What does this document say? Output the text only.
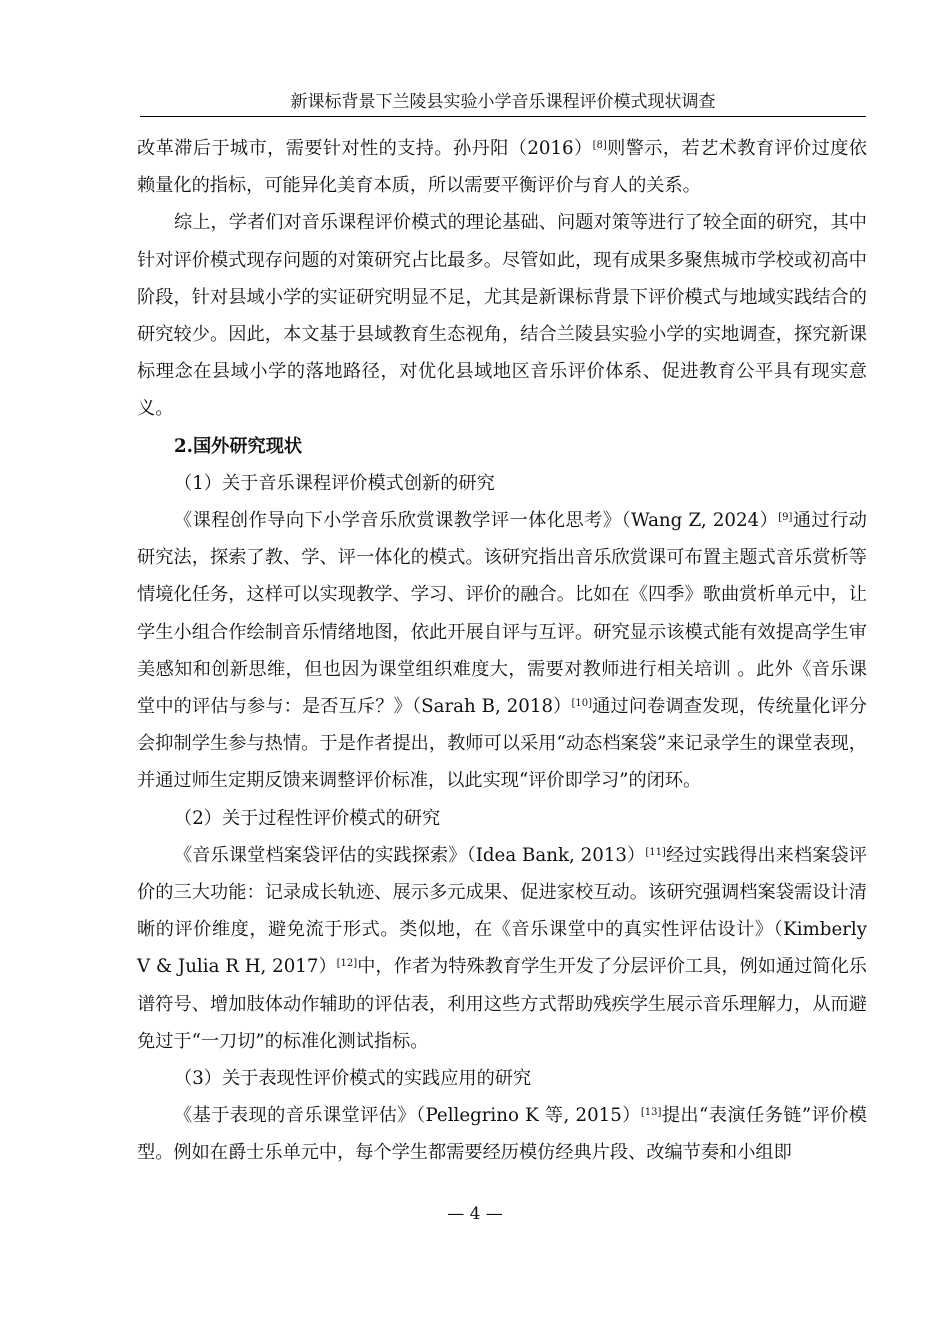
新课标背景下兰陵县实验小学音乐课程评价模式现状调查

改革滞后于城市，需要针对性的支持。孙丹阳（2016）[8]则警示，若艺术教育评价过度依赖量化的指标，可能异化美育本质，所以需要平衡评价与育人的关系。

综上，学者们对音乐课程评价模式的理论基础、问题对策等进行了较全面的研究，其中针对评价模式现存问题的对策研究占比最多。尽管如此，现有成果多聚焦城市学校或初高中阶段，针对县域小学的实证研究明显不足，尤其是新课标背景下评价模式与地域实践结合的研究较少。因此，本文基于县域教育生态视角，结合兰陵县实验小学的实地调查，探究新课标理念在县域小学的落地路径，对优化县域地区音乐评价体系、促进教育公平具有现实意义。

2.国外研究现状

（1）关于音乐课程评价模式创新的研究

《课程创作导向下小学音乐欣赏课教学评一体化思考》（Wang Z, 2024）[9]通过行动研究法，探索了教、学、评一体化的模式。该研究指出音乐欣赏课可布置主题式音乐赏析等情境化任务，这样可以实现教学、学习、评价的融合。比如在《四季》歌曲赏析单元中，让学生小组合作绘制音乐情绪地图，依此开展自评与互评。研究显示该模式能有效提高学生审美感知和创新思维，但也因为课堂组织难度大，需要对教师进行相关培训 。此外《音乐课堂中的评估与参与：是否互斥？》（Sarah B, 2018）[10]通过问卷调查发现，传统量化评分会抑制学生参与热情。于是作者提出，教师可以采用“动态档案袋”来记录学生的课堂表现，并通过师生定期反馈来调整评价标准，以此实现“评价即学习”的闭环。

（2）关于过程性评价模式的研究

《音乐课堂档案袋评估的实践探索》（Idea Bank, 2013）[11]经过实践得出来档案袋评价的三大功能：记录成长轨迹、展示多元成果、促进家校互动。该研究强调档案袋需设计清晰的评价维度，避免流于形式。类似地，在《音乐课堂中的真实性评估设计》（Kimberly V & Julia R H, 2017）[12]中，作者为特殊教育学生开发了分层评价工具，例如通过简化乐谱符号、增加肢体动作辅助的评估表，利用这些方式帮助残疾学生展示音乐理解力，从而避免过于“一刀切”的标准化测试指标。

（3）关于表现性评价模式的实践应用的研究

《基于表现的音乐课堂评估》（Pellegrino K 等, 2015）[13]提出“表演任务链”评价模型。例如在爵士乐单元中，每个学生都需要经历模仿经典片段、改编节奏和小组即

— 4 —
